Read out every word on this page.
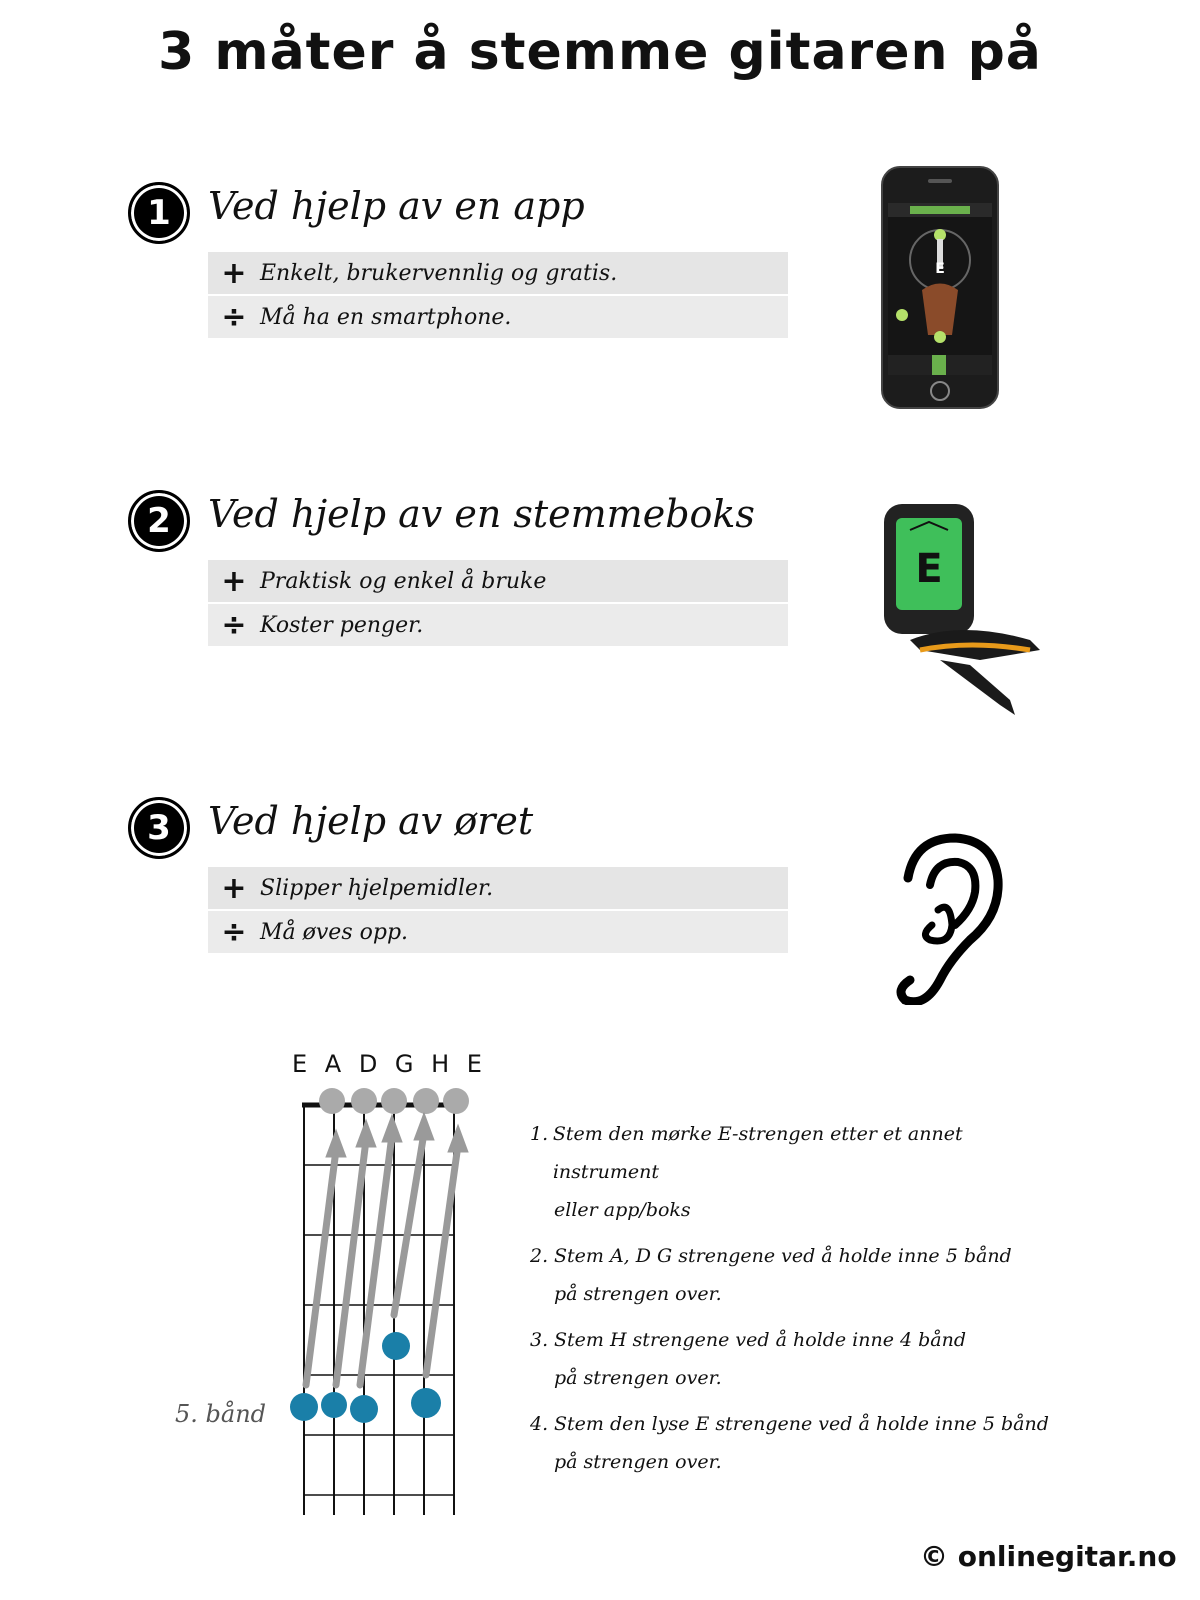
3 måter å stemme gitaren på
1 Ved hjelp av en app
+ Enkelt, brukervennlig og gratis.
÷ Må ha en smartphone.
E
2 Ved hjelp av en stemmeboks
+ Praktisk og enkel å bruke
÷ Koster penger.
E
3 Ved hjelp av øret
+ Slipper hjelpemidler.
÷ Må øves opp.
E A D G H E
5. bånd
1. Stem den mørke E-strengen etter et annet instrument
eller app/boks
2. Stem A, D G strengene ved å holde inne 5 bånd
på strengen over.
3. Stem H strengene ved å holde inne 4 bånd
på strengen over.
4. Stem den lyse E strengene ved å holde inne 5 bånd
på strengen over.
© onlinegitar.no
